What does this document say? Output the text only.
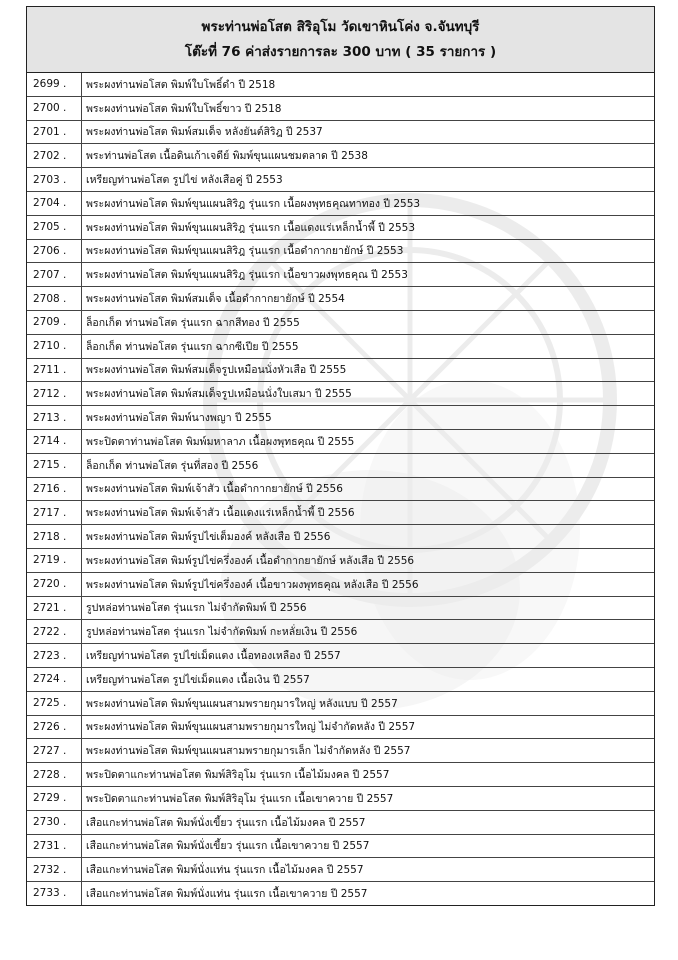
พระท่านพ่อโสต สิริอุโม วัดเขาหินโค่ง จ.จันทบุรี
โต๊ะที่ 76 ค่าส่งรายการละ 300 บาท ( 35 รายการ )
2699 .	พระผงท่านพ่อโสต พิมพ์ใบโพธิ์ดำ ปี 2518
2700 .	พระผงท่านพ่อโสต พิมพ์ใบโพธิ์ขาว ปี 2518
2701 .	พระผงท่านพ่อโสต พิมพ์สมเด็จ หลังยันต์สิริฎ ปี 2537
2702 .	พระท่านพ่อโสต เนื้อดินเก้าเจดีย์ พิมพ์ขุนแผนชมตลาด ปี 2538
2703 .	เหรียญท่านพ่อโสต รูปไข่ หลังเสือคู่ ปี 2553
2704 .	พระผงท่านพ่อโสต พิมพ์ขุนแผนสิริฎ รุ่นแรก เนื้อผงพุทธคุณทาทอง ปี 2553
2705 .	พระผงท่านพ่อโสต พิมพ์ขุนแผนสิริฎ รุ่นแรก เนื้อแดงแร่เหล็กน้ำพี้ ปี 2553
2706 .	พระผงท่านพ่อโสต พิมพ์ขุนแผนสิริฎ รุ่นแรก เนื้อดำกากยายักษ์ ปี 2553
2707 .	พระผงท่านพ่อโสต พิมพ์ขุนแผนสิริฎ รุ่นแรก เนื้อขาวผงพุทธคุณ ปี 2553
2708 .	พระผงท่านพ่อโสต พิมพ์สมเด็จ เนื้อดำกากยายักษ์ ปี 2554
2709 .	ล็อกเก็ต ท่านพ่อโสต รุ่นแรก ฉากสีทอง ปี 2555
2710 .	ล็อกเก็ต ท่านพ่อโสต รุ่นแรก ฉากซีเปีย ปี 2555
2711 .	พระผงท่านพ่อโสต พิมพ์สมเด็จรูปเหมือนนั่งหัวเสือ ปี 2555
2712 .	พระผงท่านพ่อโสต พิมพ์สมเด็จรูปเหมือนนั่งใบเสมา ปี 2555
2713 .	พระผงท่านพ่อโสต พิมพ์นางพญา ปี 2555
2714 .	พระปิดตาท่านพ่อโสต พิมพ์มหาลาภ เนื้อผงพุทธคุณ ปี 2555
2715 .	ล็อกเก็ต ท่านพ่อโสต รุ่นที่สอง ปี 2556
2716 .	พระผงท่านพ่อโสต พิมพ์เจ้าสัว เนื้อดำกากยายักษ์ ปี 2556
2717 .	พระผงท่านพ่อโสต พิมพ์เจ้าสัว เนื้อแดงแร่เหล็กน้ำพี้ ปี 2556
2718 .	พระผงท่านพ่อโสต พิมพ์รูปไข่เต็มองค์ หลังเสือ ปี 2556
2719 .	พระผงท่านพ่อโสต พิมพ์รูปไข่ครึ่งองค์ เนื้อดำกากยายักษ์ หลังเสือ ปี 2556
2720 .	พระผงท่านพ่อโสต พิมพ์รูปไข่ครึ่งองค์ เนื้อขาวผงพุทธคุณ หลังเสือ ปี 2556
2721 .	รูปหล่อท่านพ่อโสต รุ่นแรก ไม่จำกัดพิมพ์ ปี 2556
2722 .	รูปหล่อท่านพ่อโสต รุ่นแรก ไม่จำกัดพิมพ์ กะหลั่ยเงิน ปี 2556
2723 .	เหรียญท่านพ่อโสต รูปไข่เม็ดแตง เนื้อทองเหลือง ปี 2557
2724 .	เหรียญท่านพ่อโสต รูปไข่เม็ดแตง เนื้อเงิน ปี 2557
2725 .	พระผงท่านพ่อโสต พิมพ์ขุนแผนสามพรายกุมารใหญ่ หลังแบบ ปี 2557
2726 .	พระผงท่านพ่อโสต พิมพ์ขุนแผนสามพรายกุมารใหญ่ ไม่จำกัดหลัง ปี 2557
2727 .	พระผงท่านพ่อโสต พิมพ์ขุนแผนสามพรายกุมารเล็ก ไม่จำกัดหลัง ปี 2557
2728 .	พระปิดตาแกะท่านพ่อโสต พิมพ์สิริอุโม รุ่นแรก เนื้อไม้มงคล ปี 2557
2729 .	พระปิดตาแกะท่านพ่อโสต พิมพ์สิริอุโม รุ่นแรก เนื้อเขาควาย ปี 2557
2730 .	เสือแกะท่านพ่อโสต พิมพ์นั่งเขี้ยว รุ่นแรก เนื้อไม้มงคล ปี 2557
2731 .	เสือแกะท่านพ่อโสต พิมพ์นั่งเขี้ยว รุ่นแรก เนื้อเขาควาย ปี 2557
2732 .	เสือแกะท่านพ่อโสต พิมพ์นั่งแท่น รุ่นแรก เนื้อไม้มงคล ปี 2557
2733 .	เสือแกะท่านพ่อโสต พิมพ์นั่งแท่น รุ่นแรก เนื้อเขาควาย ปี 2557
